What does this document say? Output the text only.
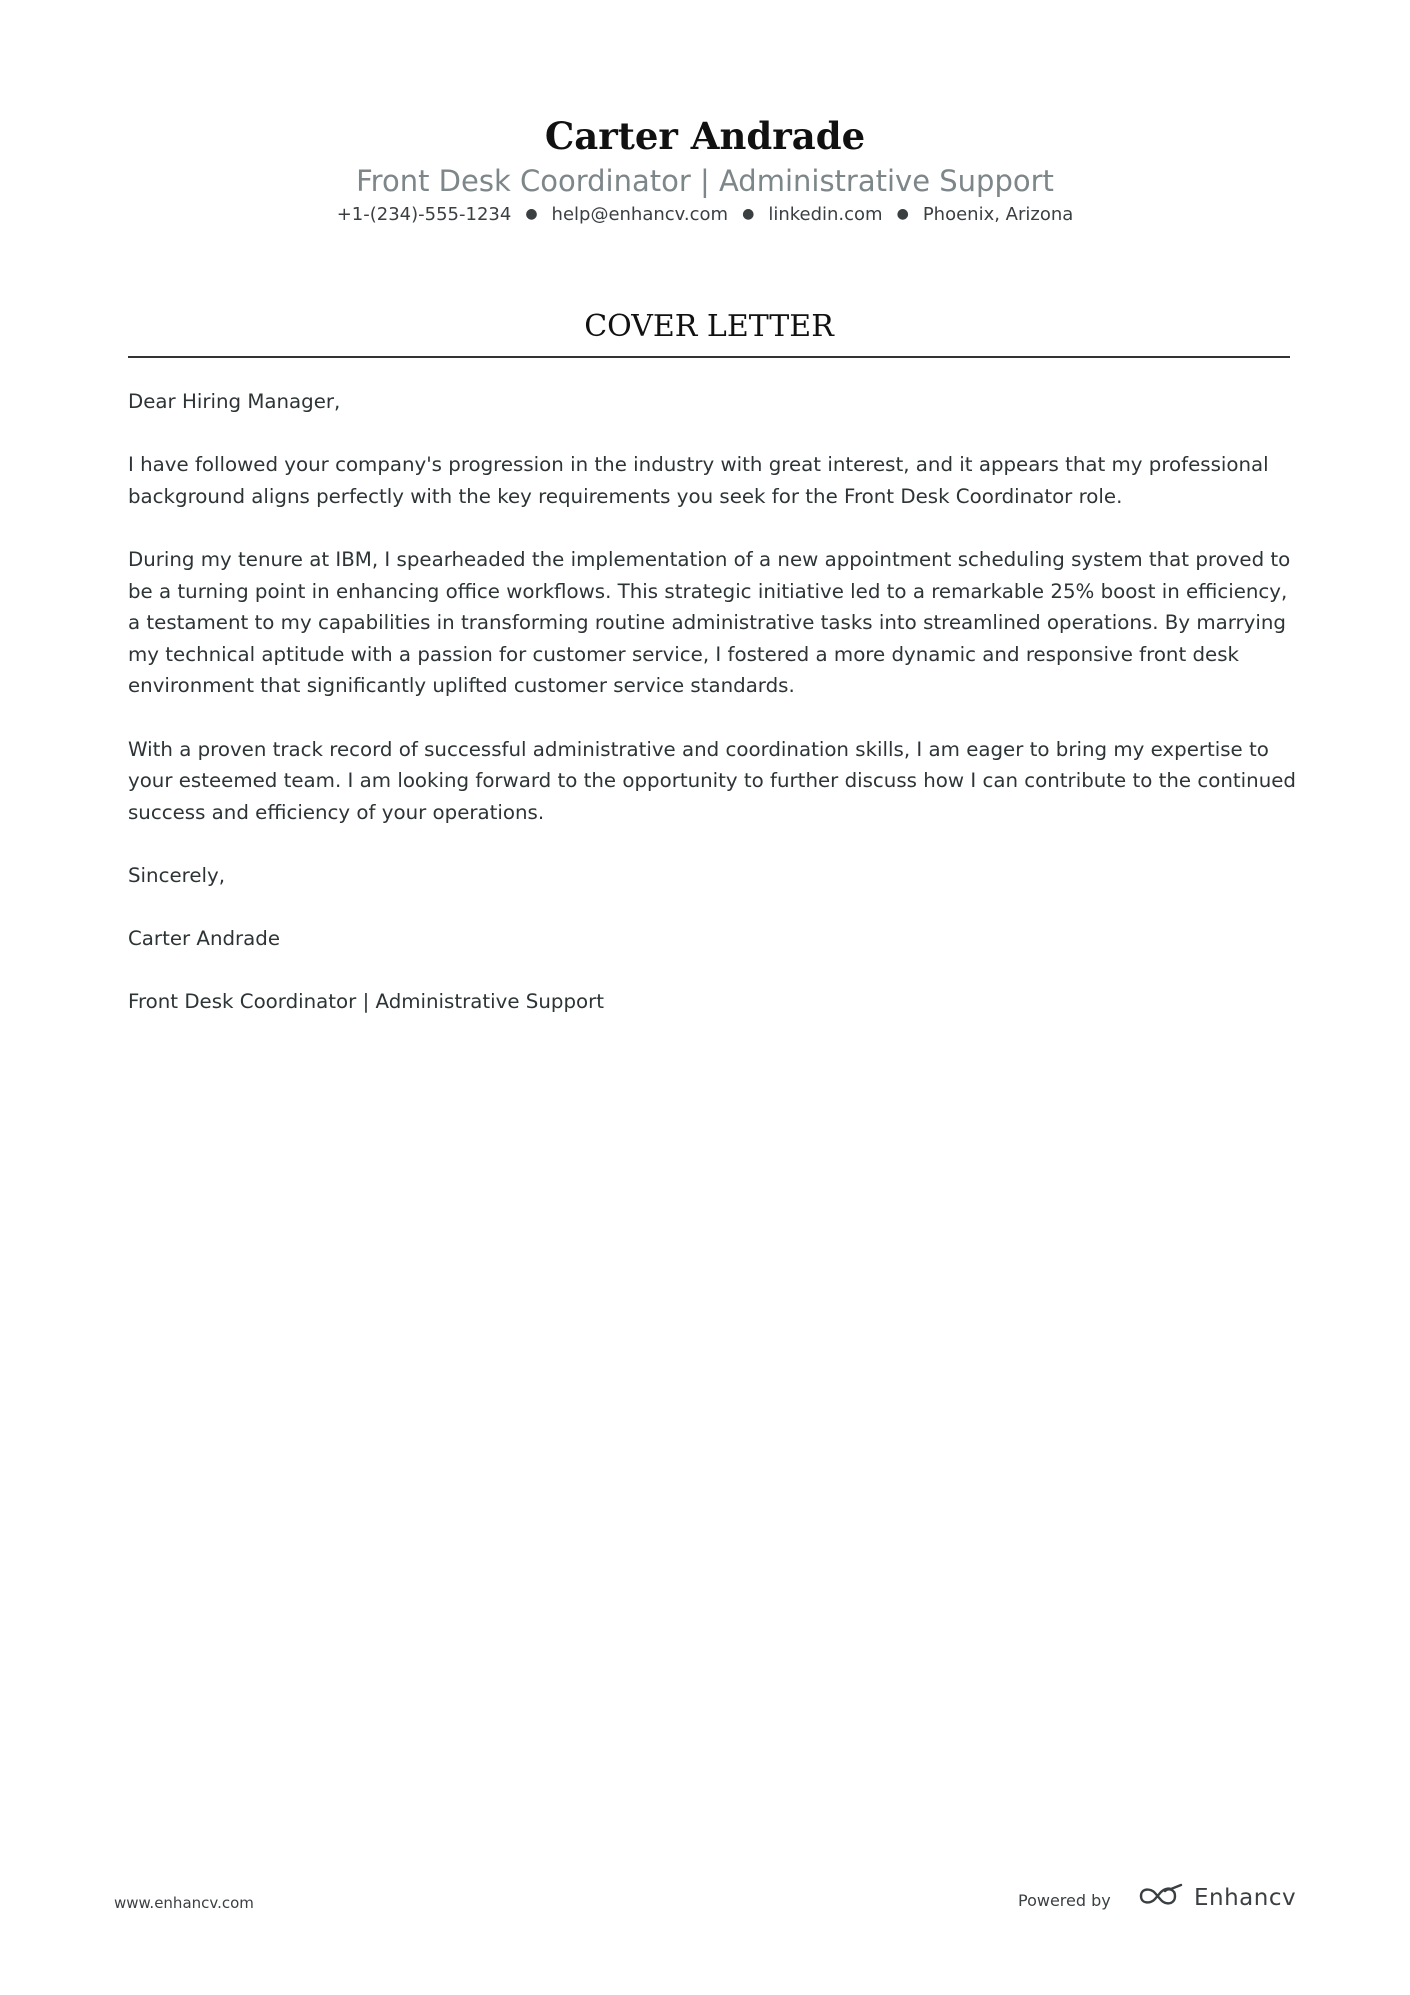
Carter Andrade
Front Desk Coordinator | Administrative Support
+1-(234)-555-1234 ● help@enhancv.com ● linkedin.com ● Phoenix, Arizona
COVER LETTER

Dear Hiring Manager,

I have followed your company's progression in the industry with great interest, and it appears that my professional background aligns perfectly with the key requirements you seek for the Front Desk Coordinator role.

During my tenure at IBM, I spearheaded the implementation of a new appointment scheduling system that proved to be a turning point in enhancing office workflows. This strategic initiative led to a remarkable 25% boost in efficiency, a testament to my capabilities in transforming routine administrative tasks into streamlined operations. By marrying my technical aptitude with a passion for customer service, I fostered a more dynamic and responsive front desk environment that significantly uplifted customer service standards.

With a proven track record of successful administrative and coordination skills, I am eager to bring my expertise to your esteemed team. I am looking forward to the opportunity to further discuss how I can contribute to the continued success and efficiency of your operations.

Sincerely,

Carter Andrade

Front Desk Coordinator | Administrative Support

www.enhancv.com	Powered by	Enhancv
